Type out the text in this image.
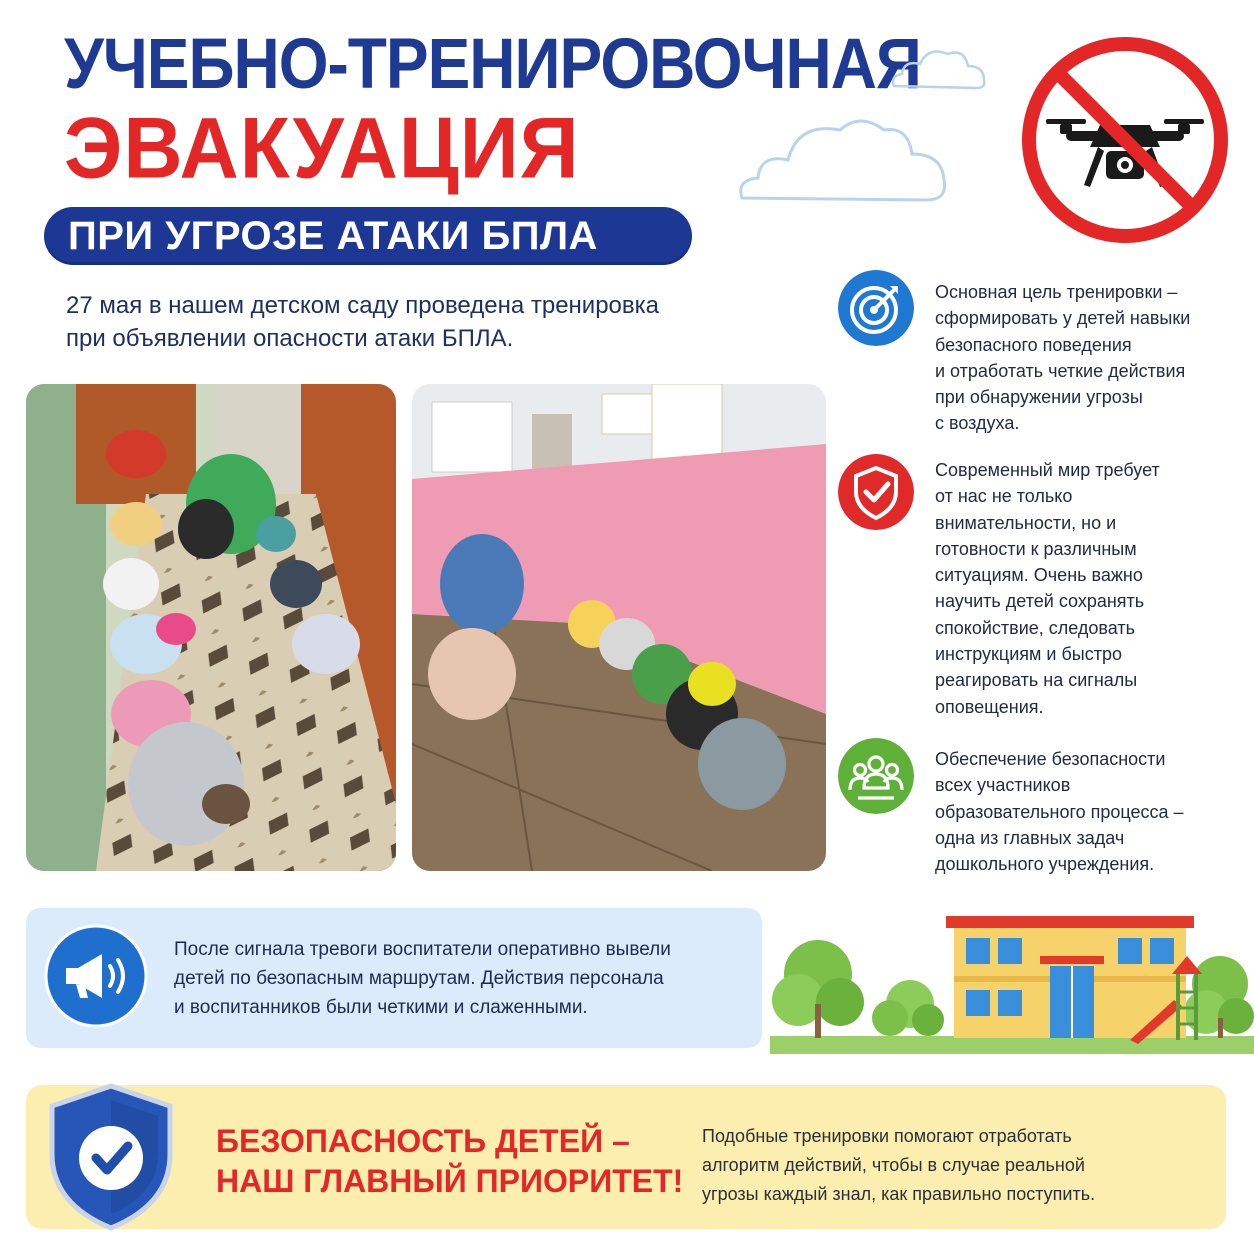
УЧЕБНО-ТРЕНИРОВОЧНАЯ
ЭВАКУАЦИЯ
ПРИ УГРОЗЕ АТАКИ БПЛА
27 мая в нашем детском саду проведена тренировка
при объявлении опасности атаки БПЛА.
Основная цель тренировки –
сформировать у детей навыки
безопасного поведения
и отработать четкие действия
при обнаружении угрозы
с воздуха.
Современный мир требует
от нас не только
внимательности, но и
готовности к различным
ситуациям. Очень важно
научить детей сохранять
спокойствие, следовать
инструкциям и быстро
реагировать на сигналы
оповещения.
Обеспечение безопасности
всех участников
образовательного процесса –
одна из главных задач
дошкольного учреждения.
После сигнала тревоги воспитатели оперативно вывели
детей по безопасным маршрутам. Действия персонала
и воспитанников были четкими и слаженными.
БЕЗОПАСНОСТЬ ДЕТЕЙ –
НАШ ГЛАВНЫЙ ПРИОРИТЕТ!
Подобные тренировки помогают отработать
алгоритм действий, чтобы в случае реальной
угрозы каждый знал, как правильно поступить.
